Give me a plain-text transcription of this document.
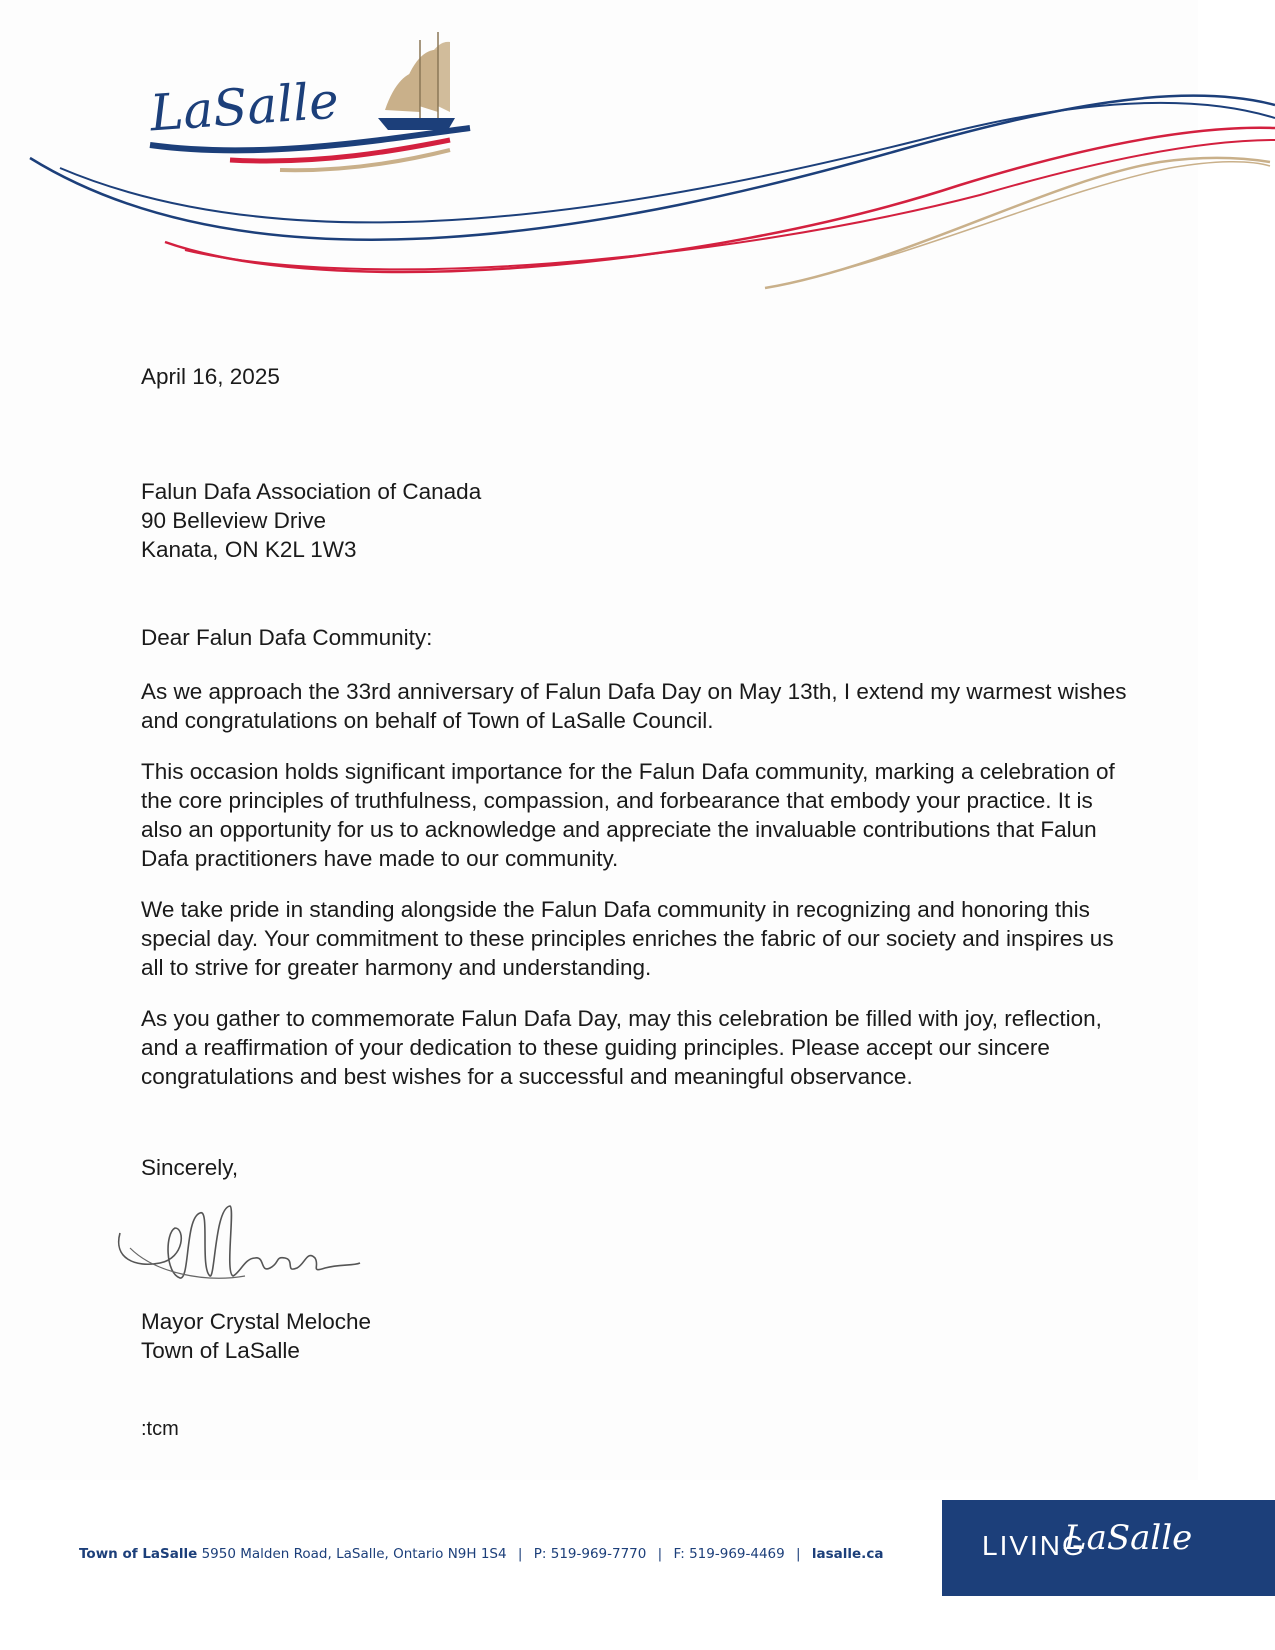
LaSalle
April 16, 2025
Falun Dafa Association of Canada
90 Belleview Drive
Kanata, ON K2L 1W3
Dear Falun Dafa Community:

As we approach the 33rd anniversary of Falun Dafa Day on May 13th, I extend my warmest wishes and congratulations on behalf of Town of LaSalle Council.

This occasion holds significant importance for the Falun Dafa community, marking a celebration of the core principles of truthfulness, compassion, and forbearance that embody your practice. It is also an opportunity for us to acknowledge and appreciate the invaluable contributions that Falun Dafa practitioners have made to our community.

We take pride in standing alongside the Falun Dafa community in recognizing and honoring this special day. Your commitment to these principles enriches the fabric of our society and inspires us all to strive for greater harmony and understanding.

As you gather to commemorate Falun Dafa Day, may this celebration be filled with joy, reflection, and a reaffirmation of your dedication to these guiding principles. Please accept our sincere congratulations and best wishes for a successful and meaningful observance.

Sincerely,
Mayor Crystal Meloche
Town of LaSalle
:tcm
Town of LaSalle 5950 Malden Road, LaSalle, Ontario N9H 1S4 | P: 519-969-7770 | F: 519-969-4469 | lasalle.ca	LIVING
LaSalle
